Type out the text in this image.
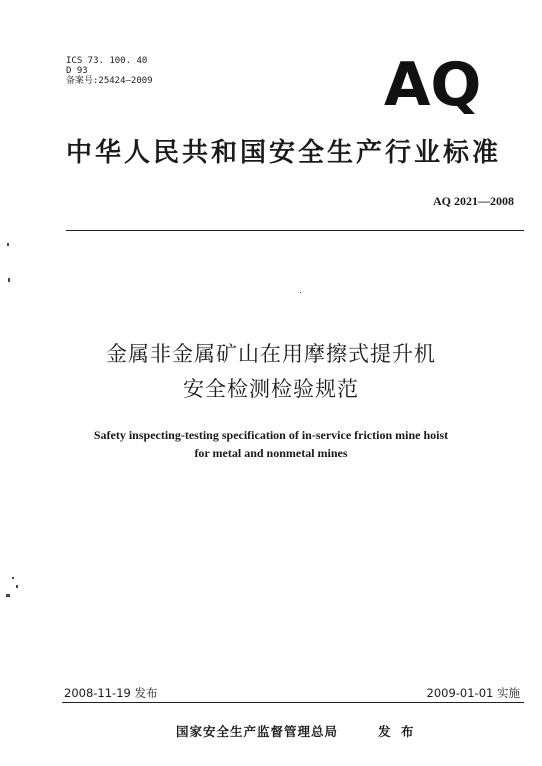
ICS 73. 100. 40
D 93
备案号:25424—2009	AQ
中华人民共和国安全生产行业标准
AQ 2021—2008
金属非金属矿山在用摩擦式提升机
安全检测检验规范
Safety inspecting-testing specification of in-service friction mine hoist
for metal and nonmetal mines
2008-11-19 发布	2009-01-01 实施
国家安全生产监督管理总局	发 布
